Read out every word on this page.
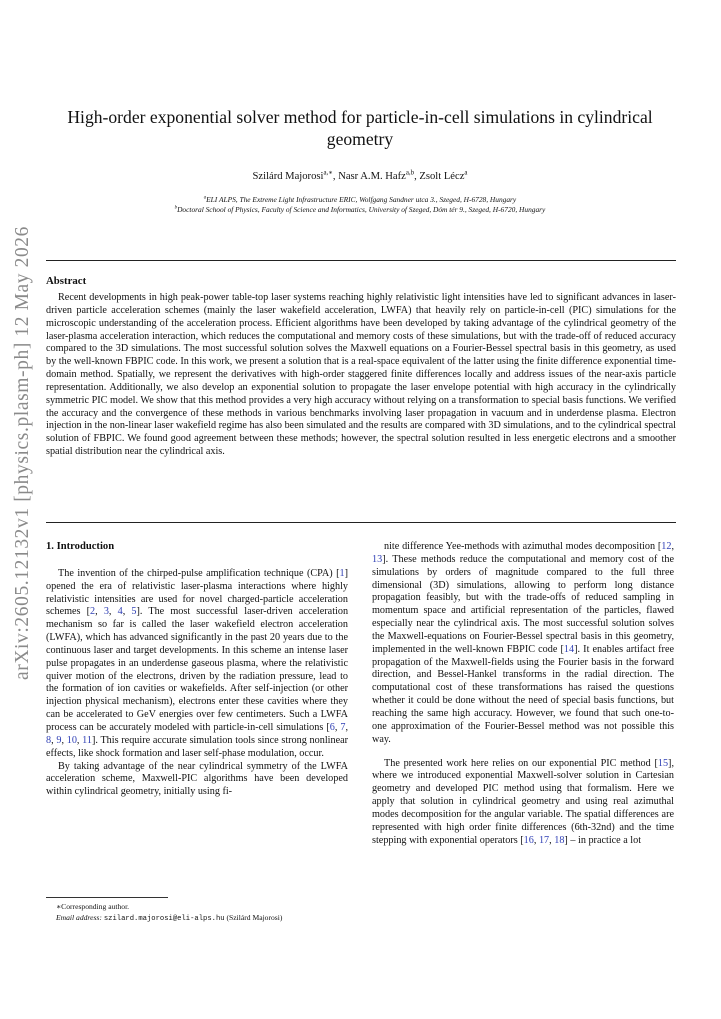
arXiv:2605.12132v1 [physics.plasm-ph] 12 May 2026
High-order exponential solver method for particle-in-cell simulations in cylindrical geometry
Szilárd Majorosi$^{a,∗}$, Nasr A.M. Hafz$^{a,b}$, Zsolt Lécz$^a$
$^a$ELI ALPS, The Extreme Light Infrastructure ERIC, Wolfgang Sandner utca 3., Szeged, H-6728, Hungary
$^b$Doctoral School of Physics, Faculty of Science and Informatics, University of Szeged, Dóm tér 9., Szeged, H-6720, Hungary
Abstract

Recent developments in high peak-power table-top laser systems reaching highly relativistic light intensities have led to significant advances in laser-driven particle acceleration schemes (mainly the laser wakefield acceleration, LWFA) that heavily rely on particle-in-cell (PIC) simulations for the microscopic understanding of the acceleration process. Efficient algorithms have been developed by taking advantage of the cylindrical geometry of the laser-plasma acceleration interaction, which reduces the computational and memory costs of these simulations, but with the trade-off of reduced accuracy compared to the 3D simulations. The most successful solution solves the Maxwell equations on a Fourier-Bessel spectral basis in this geometry, as used by the well-known FBPIC code. In this work, we present a solution that is a real-space equivalent of the latter using the finite difference exponential time-domain method. Spatially, we represent the derivatives with high-order staggered finite differences locally and address issues of the near-axis particle representation. Additionally, we also develop an exponential solution to propagate the laser envelope potential with high accuracy in the cylindrically symmetric PIC model. We show that this method provides a very high accuracy without relying on a transformation to special basis functions. We verified the accuracy and the convergence of these methods in various benchmarks involving laser propagation in vacuum and in underdense plasma. Electron injection in the non-linear laser wakefield regime has also been simulated and the results are compared with 3D simulations, and to the cylindrical spectral solution of FBPIC. We found good agreement between these methods; however, the spectral solution resulted in less energetic electrons and a smoother spatial distribution near the cylindrical axis.

1. Introduction

The invention of the chirped-pulse amplification technique (CPA) [1] opened the era of relativistic laser-plasma interactions where highly relativistic intensities are used for novel charged-particle acceleration schemes [2, 3, 4, 5]. The most successful laser-driven acceleration mechanism so far is called the laser wakefield electron acceleration (LWFA), which has advanced significantly in the past 20 years due to the continuous laser and target developments. In this scheme an intense laser pulse propagates in an underdense gaseous plasma, where the relativistic quiver motion of the electrons, driven by the radiation pressure, lead to the formation of ion cavities or wakefields. After self-injection (or other injection physical mechanism), electrons enter these cavities where they can be accelerated to GeV energies over few centimeters. Such a LWFA process can be accurately modeled with particle-in-cell simulations [6, 7, 8, 9, 10, 11]. This require accurate simulation tools since strong nonlinear effects, like shock formation and laser self-phase modulation, occur.

By taking advantage of the near cylindrical symmetry of the LWFA acceleration scheme, Maxwell-PIC algorithms have been developed within cylindrical geometry, initially using fi-

nite difference Yee-methods with azimuthal modes decomposition [12, 13]. These methods reduce the computational and memory cost of the simulations by orders of magnitude compared to the full three dimensional (3D) simulations, allowing to perform long distance propagation feasibly, but with the trade-offs of reduced sampling in momentum space and artificial representation of the particles, flawed especially near the cylindrical axis. The most successful solution solves the Maxwell-equations on Fourier-Bessel spectral basis in this geometry, implemented in the well-known FBPIC code [14]. It enables artifact free propagation of the Maxwell-fields using the Fourier basis in the forward direction, and Bessel-Hankel transforms in the radial direction. The computational cost of these transformations has raised the questions whether it could be done without the need of special basis functions, but reaching the same high accuracy. However, we found that such one-to-one approximation of the Fourier-Bessel method was not possible this way.

The presented work here relies on our exponential PIC method [15], where we introduced exponential Maxwell-solver solution in Cartesian geometry and developed PIC method using that formalism. Here we apply that solution in cylindrical geometry and using real azimuthal modes decomposition for the angular variable. The spatial differences are represented with high order finite differences (6th-32nd) and the time stepping with exponential operators [16, 17, 18] – in practice a lot

∗Corresponding author.
Email address: szilard.majorosi@eli-alps.hu (Szilárd Majorosi)
